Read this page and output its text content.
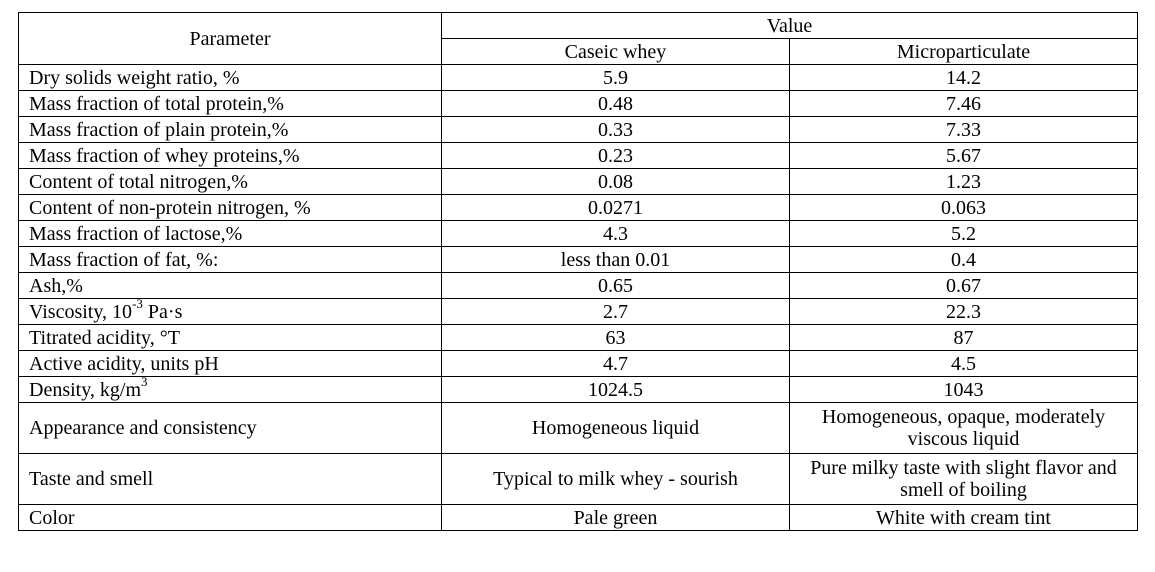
Parameter	Value	
	Caseic whey	Microparticulate
Dry solids weight ratio, %	5.9	14.2
Mass fraction of total protein,%	0.48	7.46
Mass fraction of plain protein,%	0.33	7.33
Mass fraction of whey proteins,%	0.23	5.67
Content of total nitrogen,%	0.08	1.23
Content of non-protein nitrogen, %	0.0271	0.063
Mass fraction of lactose,%	4.3	5.2
Mass fraction of fat, %:	less than 0.01	0.4
Ash,%	0.65	0.67
Viscosity, $10^{-3}$ Pa·s	2.7	22.3
Titrated acidity, °T	63	87
Active acidity, units pH	4.7	4.5
Density, $kg/m^3$	1024.5	1043
Appearance and consistency	Homogeneous liquid	Homogeneous, opaque, moderately viscous liquid
Taste and smell	Typical to milk whey - sourish	Pure milky taste with slight flavor and smell of boiling
Color	Pale green	White with cream tint
